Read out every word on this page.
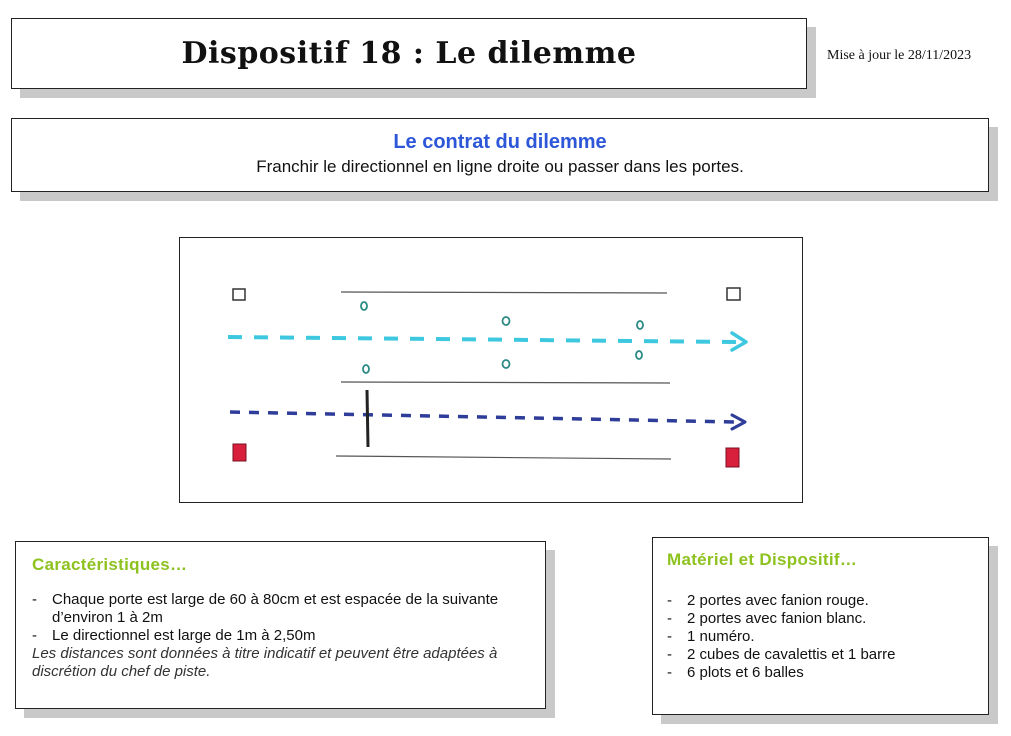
Dispositif 18 : Le dilemme	Mise à jour le 28/11/2023
Le contrat du dilemme
Franchir le directionnel en ligne droite ou passer dans les portes.
Caractéristiques…
- Chaque porte est large de 60 à 80cm et est espacée de la suivante d’environ 1 à 2m
- Le directionnel est large de 1m à 2,50m
Les distances sont données à titre indicatif et peuvent être adaptées à discrétion du chef de piste.
Matériel et Dispositif…
- 2 portes avec fanion rouge.
- 2 portes avec fanion blanc.
- 1 numéro.
- 2 cubes de cavalettis et 1 barre
- 6 plots et 6 balles
